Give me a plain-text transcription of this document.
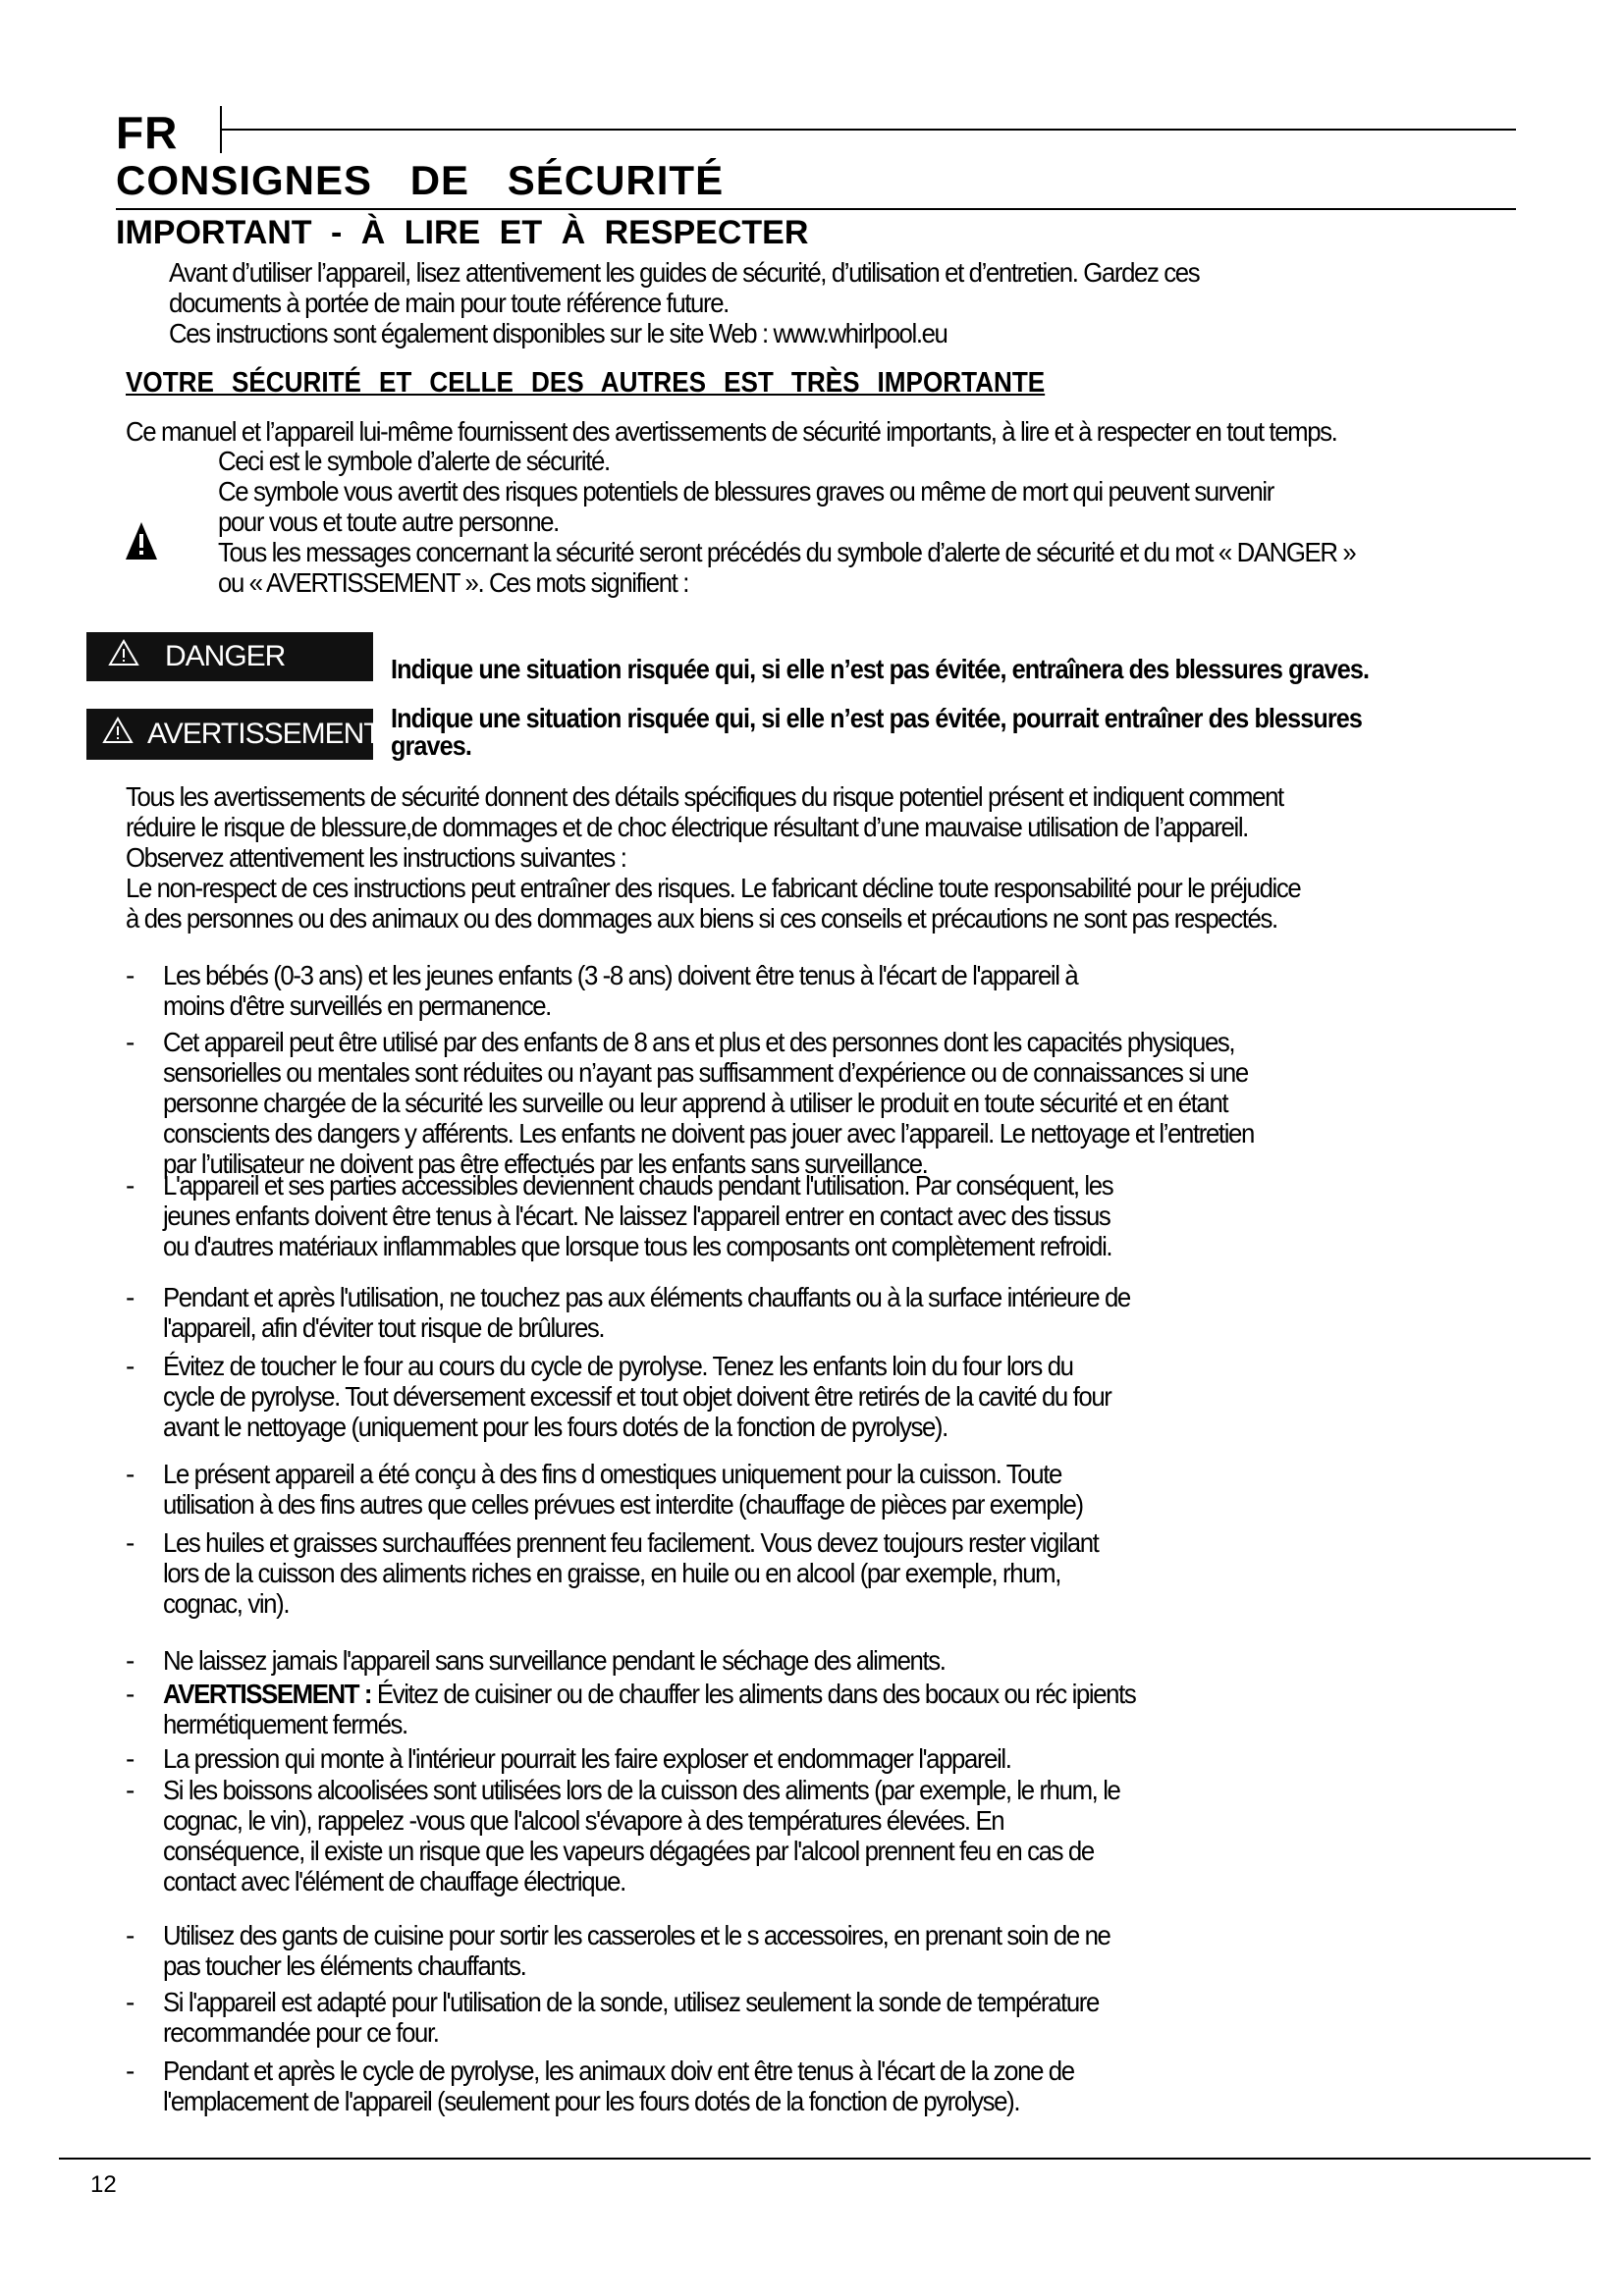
FR
CONSIGNES DE SÉCURITÉ
IMPORTANT - À LIRE ET À RESPECTER
Avant d’utiliser l’appareil, lisez attentivement les guides de sécurité, d’utilisation et d’entretien. Gardez ces
documents à portée de main pour toute référence future.
Ces instructions sont également disponibles sur le site Web : www.whirlpool.eu
VOTRE SÉCURITÉ ET CELLE DES AUTRES EST TRÈS IMPORTANTE
Ce manuel et l’appareil lui-même fournissent des avertissements de sécurité importants, à lire et à respecter en tout temps.
Ceci est le symbole d’alerte de sécurité.
Ce symbole vous avertit des risques potentiels de blessures graves ou même de mort qui peuvent survenir
pour vous et toute autre personne.
Tous les messages concernant la sécurité seront précédés du symbole d’alerte de sécurité et du mot « DANGER »
ou « AVERTISSEMENT ». Ces mots signifient :
DANGER	Indique une situation risquée qui, si elle n’est pas évitée, entraînera des blessures graves.
AVERTISSEMENT Indique une situation risquée qui, si elle n’est pas évitée, pourrait entraîner des blessures
graves.
Tous les avertissements de sécurité donnent des détails spécifiques du risque potentiel présent et indiquent comment
réduire le risque de blessure,de dommages et de choc électrique résultant d’une mauvaise utilisation de l’appareil.
Observez attentivement les instructions suivantes :
Le non-respect de ces instructions peut entraîner des risques. Le fabricant décline toute responsabilité pour le préjudice
à des personnes ou des animaux ou des dommages aux biens si ces conseils et précautions ne sont pas respectés.
- Les bébés (0-3 ans) et les jeunes enfants (3 -8 ans) doivent être tenus à l'écart de l'appareil à
moins d'être surveillés en permanence.
- Cet appareil peut être utilisé par des enfants de 8 ans et plus et des personnes dont les capacités physiques,
sensorielles ou mentales sont réduites ou n’ayant pas suffisamment d’expérience ou de connaissances si une
personne chargée de la sécurité les surveille ou leur apprend à utiliser le produit en toute sécurité et en étant
conscients des dangers y afférents. Les enfants ne doivent pas jouer avec l’appareil. Le nettoyage et l’entretien
par l’utilisateur ne doivent pas être effectués par les enfants sans surveillance.
- L'appareil et ses parties accessibles deviennent chauds pendant l'utilisation. Par conséquent, les
jeunes enfants doivent être tenus à l'écart. Ne laissez l'appareil entrer en contact avec des tissus
ou d'autres matériaux inflammables que lorsque tous les composants ont complètement refroidi.
- Pendant et après l'utilisation, ne touchez pas aux éléments chauffants ou à la surface intérieure de
l'appareil, afin d'éviter tout risque de brûlures.
- Évitez de toucher le four au cours du cycle de pyrolyse. Tenez les enfants loin du four lors du
cycle de pyrolyse. Tout déversement excessif et tout objet doivent être retirés de la cavité du four
avant le nettoyage (uniquement pour les fours dotés de la fonction de pyrolyse).
- Le présent appareil a été conçu à des fins d omestiques uniquement pour la cuisson. Toute
utilisation à des fins autres que celles prévues est interdite (chauffage de pièces par exemple)
- Les huiles et graisses surchauffées prennent feu facilement. Vous devez toujours rester vigilant
lors de la cuisson des aliments riches en graisse, en huile ou en alcool (par exemple, rhum,
cognac, vin).
- Ne laissez jamais l'appareil sans surveillance pendant le séchage des aliments.
- AVERTISSEMENT : Évitez de cuisiner ou de chauffer les aliments dans des bocaux ou réc ipients
hermétiquement fermés.
- La pression qui monte à l'intérieur pourrait les faire exploser et endommager l'appareil.
- Si les boissons alcoolisées sont utilisées lors de la cuisson des aliments (par exemple, le rhum, le
cognac, le vin), rappelez -vous que l'alcool s'évapore à des températures élevées. En
conséquence, il existe un risque que les vapeurs dégagées par l'alcool prennent feu en cas de
contact avec l'élément de chauffage électrique.
- Utilisez des gants de cuisine pour sortir les casseroles et le s accessoires, en prenant soin de ne
pas toucher les éléments chauffants.
- Si l'appareil est adapté pour l'utilisation de la sonde, utilisez seulement la sonde de température
recommandée pour ce four.
- Pendant et après le cycle de pyrolyse, les animaux doiv ent être tenus à l'écart de la zone de
l'emplacement de l'appareil (seulement pour les fours dotés de la fonction de pyrolyse).
12
